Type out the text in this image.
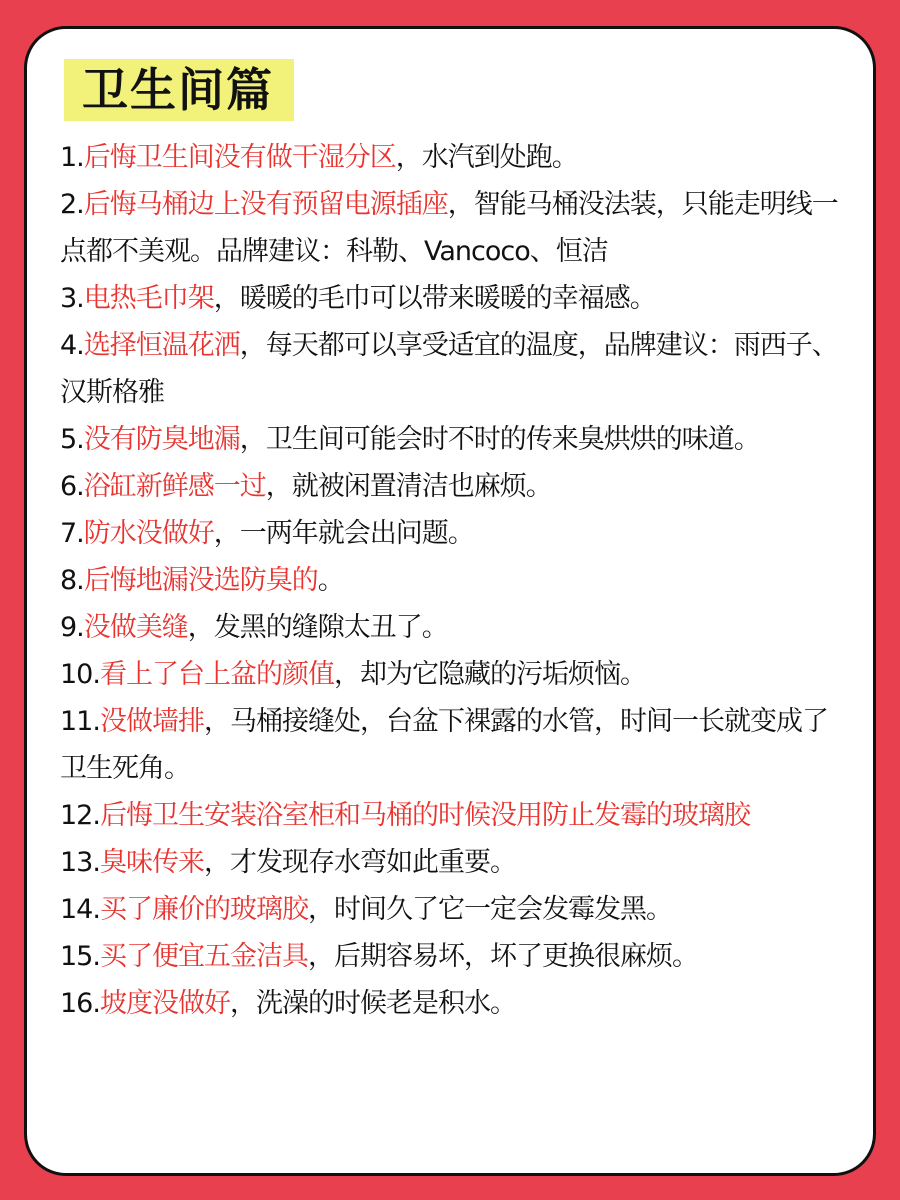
卫生间篇
1.后悔卫生间没有做干湿分区，水汽到处跑。
2.后悔马桶边上没有预留电源插座，智能马桶没法装，只能走明线一点都不美观。品牌建议：科勒、Vancoco、恒洁
3.电热毛巾架，暖暖的毛巾可以带来暖暖的幸福感。
4.选择恒温花洒，每天都可以享受适宜的温度，品牌建议：雨西子、汉斯格雅
5.没有防臭地漏，卫生间可能会时不时的传来臭烘烘的味道。
6.浴缸新鲜感一过，就被闲置清洁也麻烦。
7.防水没做好，一两年就会出问题。
8.后悔地漏没选防臭的。
9.没做美缝，发黑的缝隙太丑了。
10.看上了台上盆的颜值，却为它隐藏的污垢烦恼。
11.没做墙排，马桶接缝处，台盆下裸露的水管，时间一长就变成了卫生死角。
12.后悔卫生安装浴室柜和马桶的时候没用防止发霉的玻璃胶
13.臭味传来，才发现存水弯如此重要。
14.买了廉价的玻璃胶，时间久了它一定会发霉发黑。
15.买了便宜五金洁具，后期容易坏，坏了更换很麻烦。
16.坡度没做好，洗澡的时候老是积水。
